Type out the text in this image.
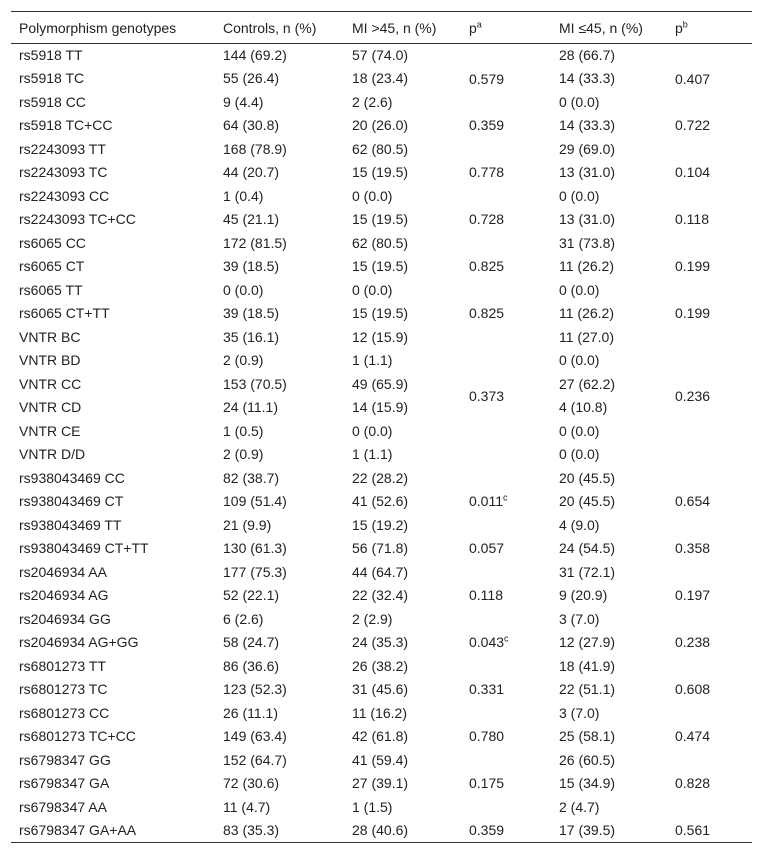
Polymorphism genotypes	Controls, n (%)	MI >45, n (%)	$p^a$	MI ≤45, n (%)	$p^b$
rs5918 TT	144 (69.2)	57 (74.0)	0.579	28 (66.7)	0.407
rs5918 TC	55 (26.4)	18 (23.4)		14 (33.3)	
rs5918 CC	9 (4.4)	2 (2.6)		0 (0.0)	
rs5918 TC+CC	64 (30.8)	20 (26.0)	0.359	14 (33.3)	0.722
rs2243093 TT	168 (78.9)	62 (80.5)	0.778	29 (69.0)	0.104
rs2243093 TC	44 (20.7)	15 (19.5)		13 (31.0)	
rs2243093 CC	1 (0.4)	0 (0.0)		0 (0.0)	
rs2243093 TC+CC	45 (21.1)	15 (19.5)	0.728	13 (31.0)	0.118
rs6065 CC	172 (81.5)	62 (80.5)	0.825	31 (73.8)	0.199
rs6065 CT	39 (18.5)	15 (19.5)		11 (26.2)	
rs6065 TT	0 (0.0)	0 (0.0)		0 (0.0)	
rs6065 CT+TT	39 (18.5)	15 (19.5)	0.825	11 (26.2)	0.199
VNTR BC	35 (16.1)	12 (15.9)	0.373	11 (27.0)	0.236
VNTR BD	2 (0.9)	1 (1.1)		0 (0.0)	
VNTR CC	153 (70.5)	49 (65.9)		27 (62.2)	
VNTR CD	24 (11.1)	14 (15.9)		4 (10.8)	
VNTR CE	1 (0.5)	0 (0.0)		0 (0.0)	
VNTR D/D	2 (0.9)	1 (1.1)		0 (0.0)	
rs938043469 CC	82 (38.7)	22 (28.2)	0.011$^c$	20 (45.5)	0.654
rs938043469 CT	109 (51.4)	41 (52.6)		20 (45.5)	
rs938043469 TT	21 (9.9)	15 (19.2)		4 (9.0)	
rs938043469 CT+TT	130 (61.3)	56 (71.8)	0.057	24 (54.5)	0.358
rs2046934 AA	177 (75.3)	44 (64.7)	0.118	31 (72.1)	0.197
rs2046934 AG	52 (22.1)	22 (32.4)		9 (20.9)	
rs2046934 GG	6 (2.6)	2 (2.9)		3 (7.0)	
rs2046934 AG+GG	58 (24.7)	24 (35.3)	0.043$^c$	12 (27.9)	0.238
rs6801273 TT	86 (36.6)	26 (38.2)	0.331	18 (41.9)	0.608
rs6801273 TC	123 (52.3)	31 (45.6)		22 (51.1)	
rs6801273 CC	26 (11.1)	11 (16.2)		3 (7.0)	
rs6801273 TC+CC	149 (63.4)	42 (61.8)	0.780	25 (58.1)	0.474
rs6798347 GG	152 (64.7)	41 (59.4)	0.175	26 (60.5)	0.828
rs6798347 GA	72 (30.6)	27 (39.1)		15 (34.9)	
rs6798347 AA	11 (4.7)	1 (1.5)		2 (4.7)	
rs6798347 GA+AA	83 (35.3)	28 (40.6)	0.359	17 (39.5)	0.561
